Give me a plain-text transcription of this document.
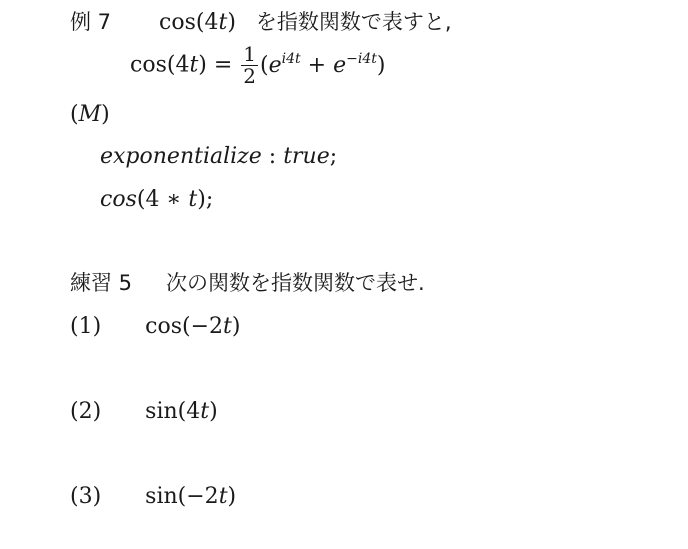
例 7 cos(4t) を指数関数で表すと,
$\cos(4t) = \frac{1}{2} (e^{i4t} + e^{-i4t})$
(M)
exponentialize : true;
cos(4 ∗ t);
練習 5 次の関数を指数関数で表せ.
(1) cos(−2t)
(2) sin(4t)
(3) sin(−2t)
